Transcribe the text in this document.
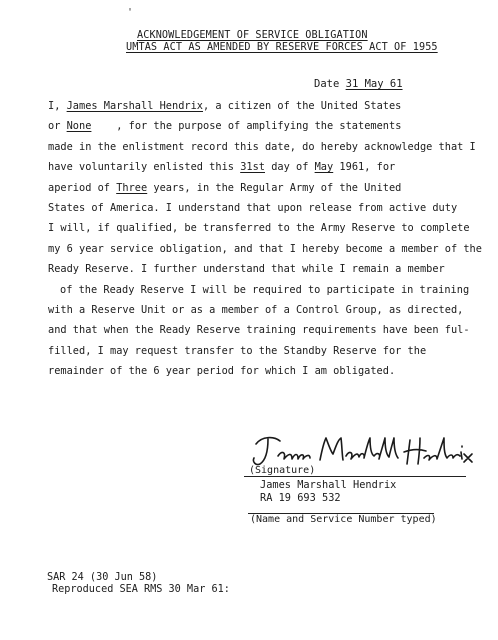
'
ACKNOWLEDGEMENT OF SERVICE OBLIGATION
UMTAS ACT AS AMENDED BY RESERVE FORCES ACT OF 1955
Date 31 May 61
I, James Marshall Hendrix, a citizen of the United States
or None , for the purpose of amplifying the statements
made in the enlistment record this date, do hereby acknowledge that I
have voluntarily enlisted this 31st day of May 1961, for
aperiod of Three years, in the Regular Army of the United
States of America. I understand that upon release from active duty
I will, if qualified, be transferred to the Army Reserve to complete
my 6 year service obligation, and that I hereby become a member of the
Ready Reserve. I further understand that while I remain a member
of the Ready Reserve I will be required to participate in training
with a Reserve Unit or as a member of a Control Group, as directed,
and that when the Ready Reserve training requirements have been ful-
filled, I may request transfer to the Standby Reserve for the
remainder of the 6 year period for which I am obligated.
(Signature)
James Marshall Hendrix
RA 19 693 532
(Name and Service Number typed)
SAR 24 (30 Jun 58)
Reproduced SEA RMS 30 Mar 61:
